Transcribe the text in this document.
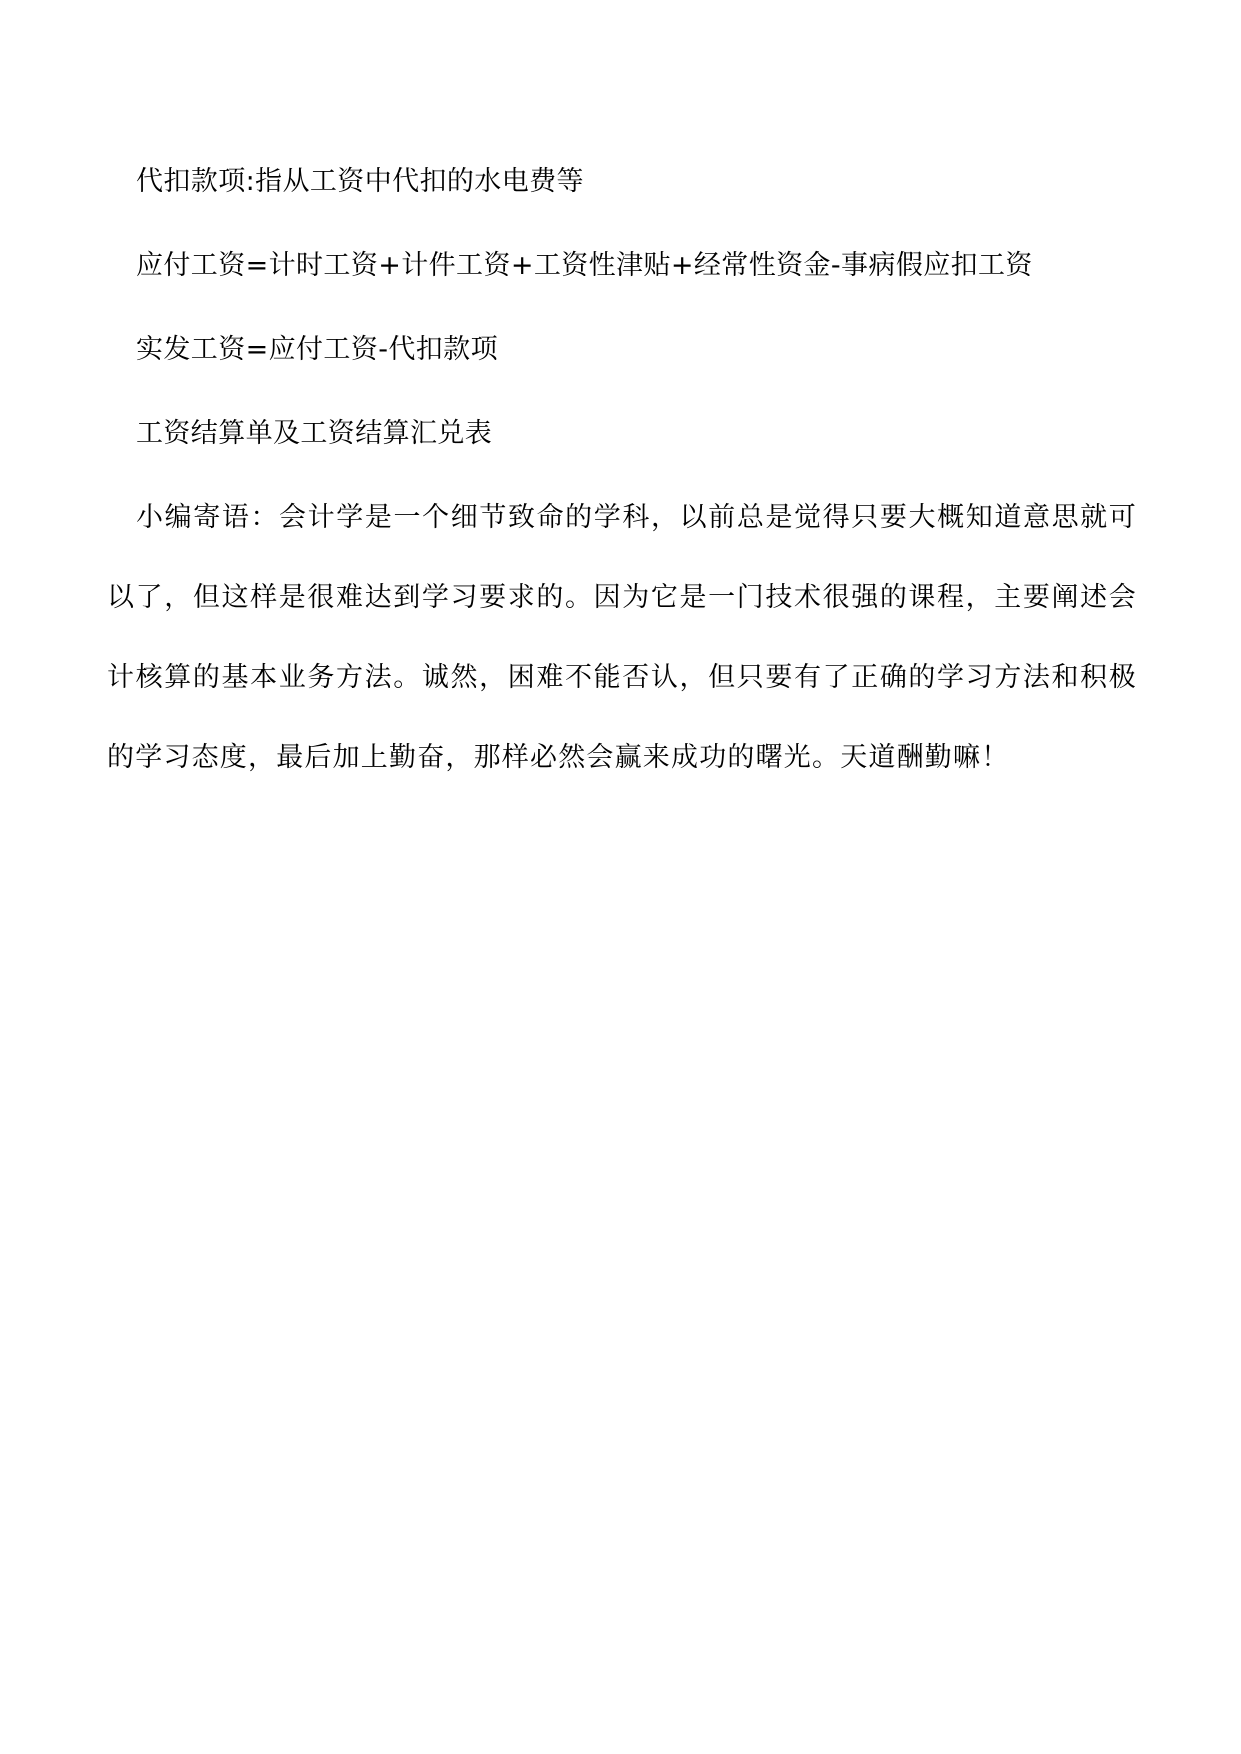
代扣款项:指从工资中代扣的水电费等

应付工资=计时工资+计件工资+工资性津贴+经常性资金-事病假应扣工资

实发工资=应付工资-代扣款项

工资结算单及工资结算汇兑表

小编寄语：会计学是一个细节致命的学科，以前总是觉得只要大概知道意思就可以了，但这样是很难达到学习要求的。因为它是一门技术很强的课程，主要阐述会计核算的基本业务方法。诚然，困难不能否认，但只要有了正确的学习方法和积极的学习态度，最后加上勤奋，那样必然会赢来成功的曙光。天道酬勤嘛！
